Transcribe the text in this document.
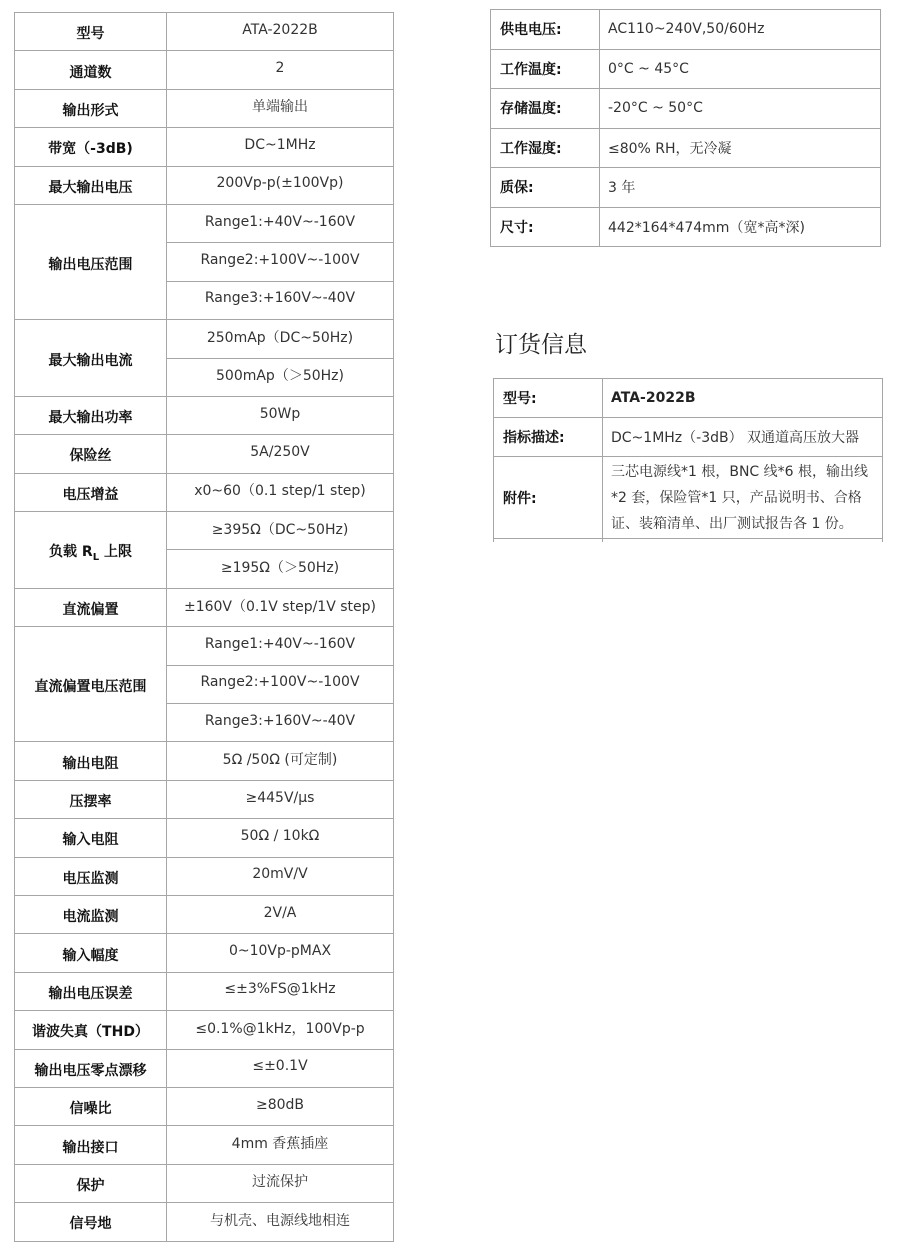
型号	ATA-2022B
通道数	2
输出形式	单端输出
带宽（-3dB)	DC~1MHz
最大输出电压	200Vp-p(±100Vp)
输出电压范围	Range1:+40V~-160V
	Range2:+100V~-100V
	Range3:+160V~-40V
最大输出电流	250mAp（DC~50Hz)
	500mAp（＞50Hz)
最大输出功率	50Wp
保险丝	5A/250V
电压增益	x0~60（0.1 step/1 step)
负载 $R_L$ 上限	≥395Ω（DC~50Hz)
	≥195Ω（＞50Hz)
直流偏置	±160V（0.1V step/1V step)
直流偏置电压范围	Range1:+40V~-160V
	Range2:+100V~-100V
	Range3:+160V~-40V
输出电阻	5Ω /50Ω (可定制)
压摆率	≥445V/μs
输入电阻	50Ω / 10kΩ
电压监测	20mV/V
电流监测	2V/A
输入幅度	0~10Vp-pMAX
输出电压误差	≤±3%FS@1kHz
谐波失真（THD）	≤0.1%@1kHz，100Vp-p
输出电压零点漂移	≤±0.1V
信噪比	≥80dB
输出接口	4mm 香蕉插座
保护	过流保护
信号地	与机壳、电源线地相连
供电电压:	AC110~240V,50/60Hz
工作温度:	0°C ~ 45°C
存储温度:	-20°C ~ 50°C
工作湿度:	≤80% RH，无冷凝
质保:	3 年
尺寸:	442*164*474mm（宽*高*深)
订货信息
型号:	ATA-2022B
指标描述:	DC~1MHz（-3dB） 双通道高压放大器
附件:	三芯电源线*1 根，BNC 线*6 根，输出线*2 套，保险管*1 只，产品说明书、合格证、装箱清单、出厂测试报告各 1 份。
